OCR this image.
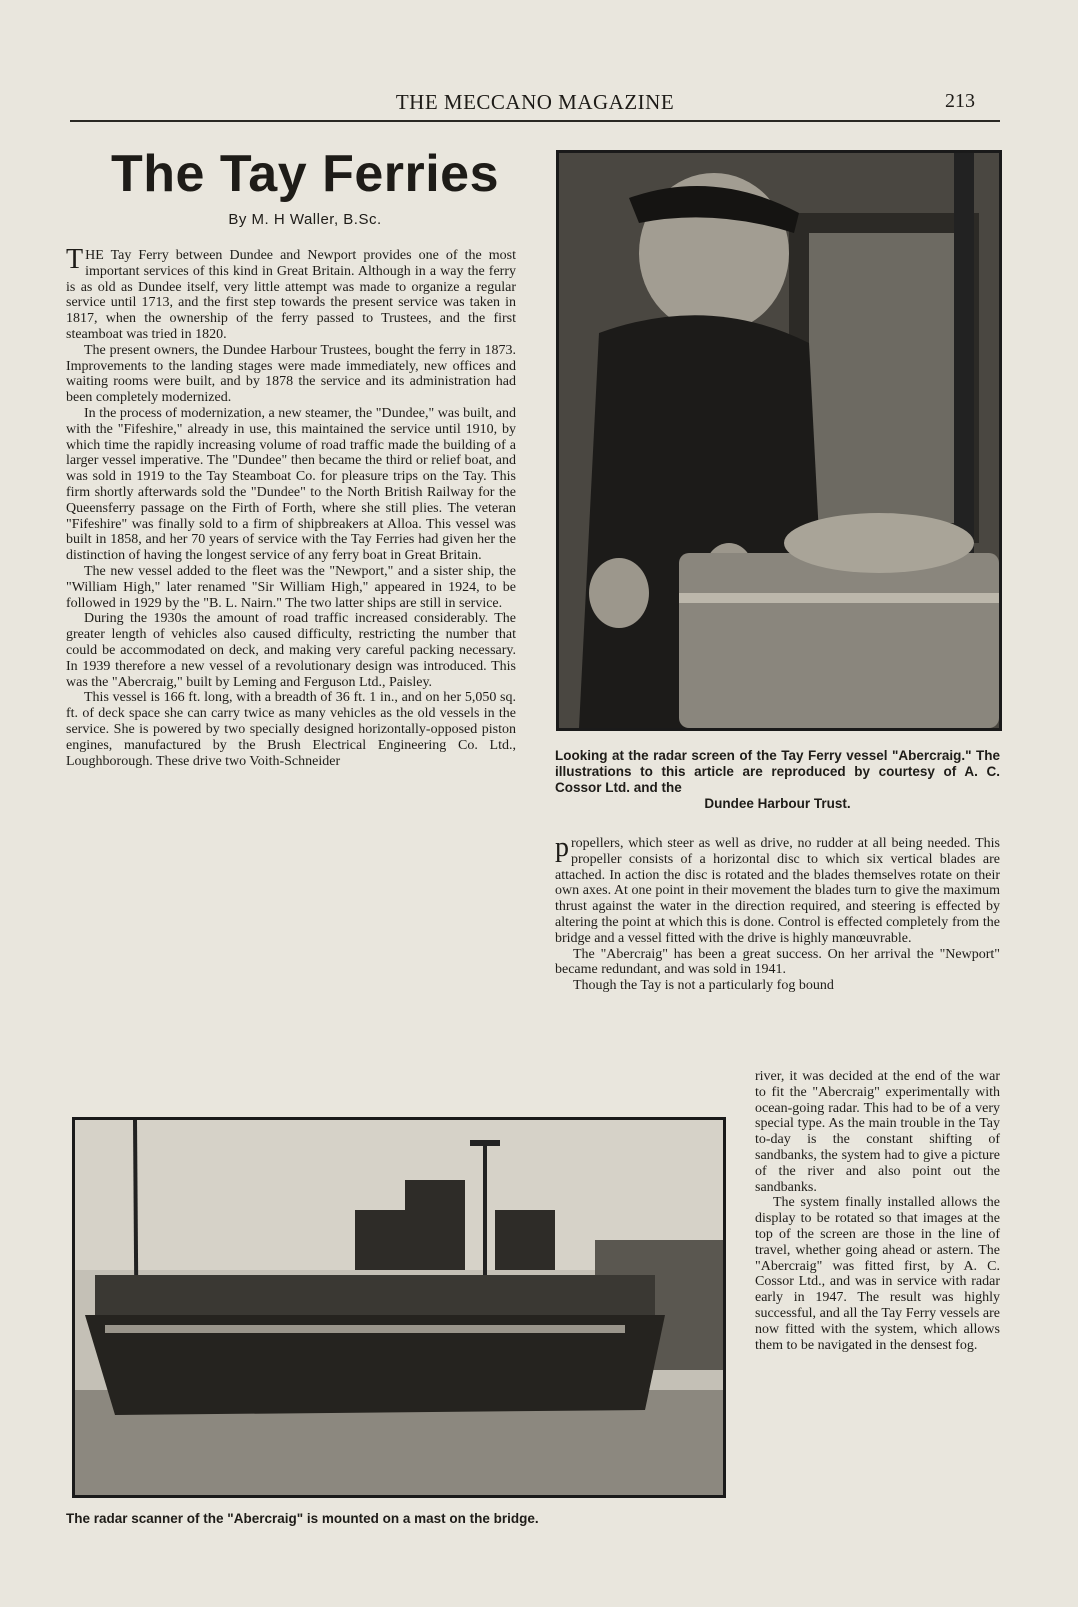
THE MECCANO MAGAZINE	213
The Tay Ferries
By M. H Waller, B.Sc.

THE Tay Ferry between Dundee and Newport provides one of the most important services of this kind in Great Britain. Although in a way the ferry is as old as Dundee itself, very little attempt was made to organize a regular service until 1713, and the first step towards the present service was taken in 1817, when the ownership of the ferry passed to Trustees, and the first steamboat was tried in 1820.

The present owners, the Dundee Harbour Trustees, bought the ferry in 1873. Improvements to the landing stages were made immediately, new offices and waiting rooms were built, and by 1878 the service and its administration had been completely modernized.

In the process of modernization, a new steamer, the "Dundee," was built, and with the "Fifeshire," already in use, this maintained the service until 1910, by which time the rapidly increasing volume of road traffic made the building of a larger vessel imperative. The "Dundee" then became the third or relief boat, and was sold in 1919 to the Tay Steamboat Co. for pleasure trips on the Tay. This firm shortly afterwards sold the "Dundee" to the North British Railway for the Queensferry passage on the Firth of Forth, where she still plies. The veteran "Fifeshire" was finally sold to a firm of shipbreakers at Alloa. This vessel was built in 1858, and her 70 years of service with the Tay Ferries had given her the distinction of having the longest service of any ferry boat in Great Britain.

The new vessel added to the fleet was the "Newport," and a sister ship, the "William High," later renamed "Sir William High," appeared in 1924, to be followed in 1929 by the "B. L. Nairn." The two latter ships are still in service.

During the 1930s the amount of road traffic increased considerably. The greater length of vehicles also caused difficulty, restricting the number that could be accommodated on deck, and making very careful packing necessary. In 1939 therefore a new vessel of a revolutionary design was introduced. This was the "Abercraig," built by Leming and Ferguson Ltd., Paisley.

This vessel is 166 ft. long, with a breadth of 36 ft. 1 in., and on her 5,050 sq. ft. of deck space she can carry twice as many vehicles as the old vessels in the service. She is powered by two specially designed horizontally-opposed piston engines, manufactured by the Brush Electrical Engineering Co. Ltd., Loughborough. These drive two Voith-Schneider	Looking at the radar screen of the Tay Ferry vessel "Abercraig." The illustrations to this article are reproduced by courtesy of A. C. Cossor Ltd. and the
Dundee Harbour Trust.

propellers, which steer as well as drive, no rudder at all being needed. This propeller consists of a horizontal disc to which six vertical blades are attached. In action the disc is rotated and the blades themselves rotate on their own axes. At one point in their movement the blades turn to give the maximum thrust against the water in the direction required, and steering is effected by altering the point at which this is done. Control is effected completely from the bridge and a vessel fitted with the drive is highly manœuvrable.

The "Abercraig" has been a great success. On her arrival the "Newport" became redundant, and was sold in 1941.

Though the Tay is not a particularly fog bound

river, it was decided at the end of the war to fit the "Abercraig" experimentally with ocean-going radar. This had to be of a very special type. As the main trouble in the Tay to-day is the constant shifting of sandbanks, the system had to give a picture of the river and also point out the sandbanks.

The system finally installed allows the display to be rotated so that images at the top of the screen are those in the line of travel, whether going ahead or astern. The "Abercraig" was fitted first, by A. C. Cossor Ltd., and was in service with radar early in 1947. The result was highly successful, and all the Tay Ferry vessels are now fitted with the system, which allows them to be navigated in the densest fog.

The radar scanner of the "Abercraig" is mounted on a mast on the bridge.
